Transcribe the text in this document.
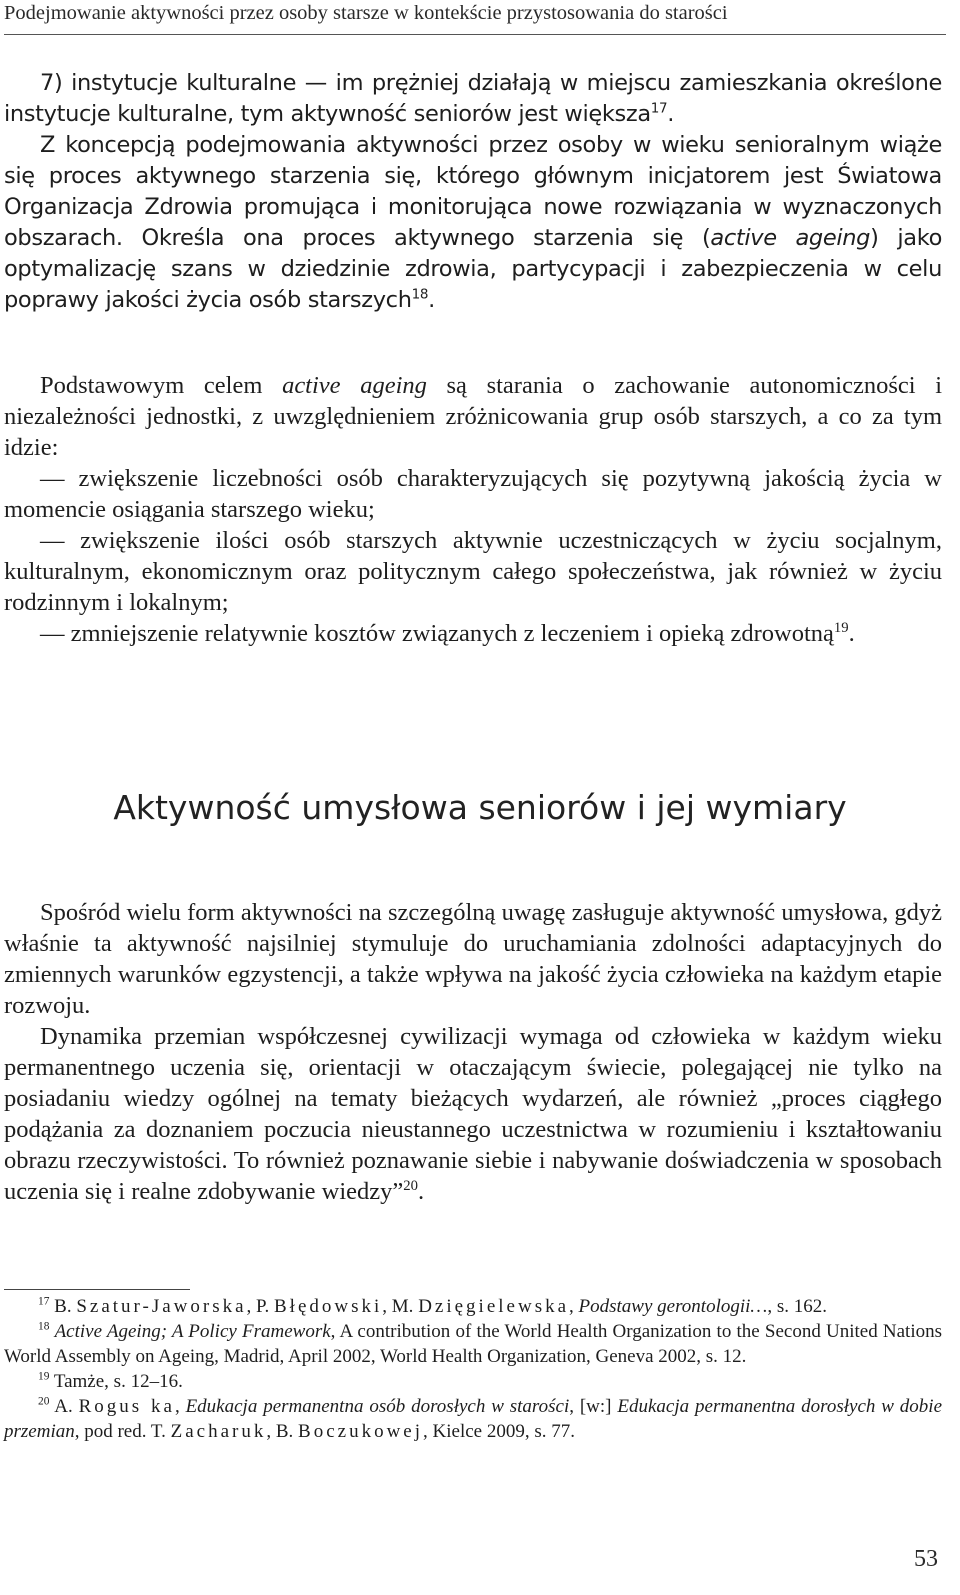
Podejmowanie aktywności przez osoby starsze w kontekście przystosowania do starości

7) instytucje kulturalne — im prężniej działają w miejscu zamieszkania określone instytucje kulturalne, tym aktywność seniorów jest większa$^{17}$.

Z koncepcją podejmowania aktywności przez osoby w wieku senioralnym wiąże się proces aktywnego starzenia się, którego głównym inicjatorem jest Światowa Organizacja Zdrowia promująca i monitorująca nowe rozwiązania w wyznaczonych obszarach. Określa ona proces aktywnego starzenia się (active ageing) jako optymalizację szans w dziedzinie zdrowia, partycypacji i zabezpieczenia w celu poprawy jakości życia osób starszych$^{18}$.

Podstawowym celem active ageing są starania o zachowanie autonomiczności i niezależności jednostki, z uwzględnieniem zróżnicowania grup osób starszych, a co za tym idzie:

— zwiększenie liczebności osób charakteryzujących się pozytywną jakością życia w momencie osiągania starszego wieku;

— zwiększenie ilości osób starszych aktywnie uczestniczących w życiu socjalnym, kulturalnym, ekonomicznym oraz politycznym całego społeczeństwa, jak również w życiu rodzinnym i lokalnym;

— zmniejszenie relatywnie kosztów związanych z leczeniem i opieką zdrowotną$^{19}$.

Aktywność umysłowa seniorów i jej wymiary

Spośród wielu form aktywności na szczególną uwagę zasługuje aktywność umysłowa, gdyż właśnie ta aktywność najsilniej stymuluje do uruchamiania zdolności adaptacyjnych do zmiennych warunków egzystencji, a także wpływa na jakość życia człowieka na każdym etapie rozwoju.

Dynamika przemian współczesnej cywilizacji wymaga od człowieka w każdym wieku permanentnego uczenia się, orientacji w otaczającym świecie, polegającej nie tylko na posiadaniu wiedzy ogólnej na tematy bieżących wydarzeń, ale również „proces ciągłego podążania za doznaniem poczucia nieustannego uczestnictwa w rozumieniu i kształtowaniu obrazu rzeczywistości. To również poznawanie siebie i nabywanie doświadczenia w sposobach uczenia się i realne zdobywanie wiedzy”$^{20}$.

$^{17}$ B. Szatur-Jaworska, P. Błędowski, M. Dzięgielewska, Podstawy gerontologii…, s. 162.

$^{18}$ Active Ageing; A Policy Framework, A contribution of the World Health Organization to the Second United Nations World Assembly on Ageing, Madrid, April 2002, World Health Organization, Geneva 2002, s. 12.

$^{19}$ Tamże, s. 12–16.

$^{20}$ A. Rogus ka, Edukacja permanentna osób dorosłych w starości, [w:] Edukacja permanentna dorosłych w dobie przemian, pod red. T. Zacharuk, B. Boczukowej, Kielce 2009, s. 77.

53
